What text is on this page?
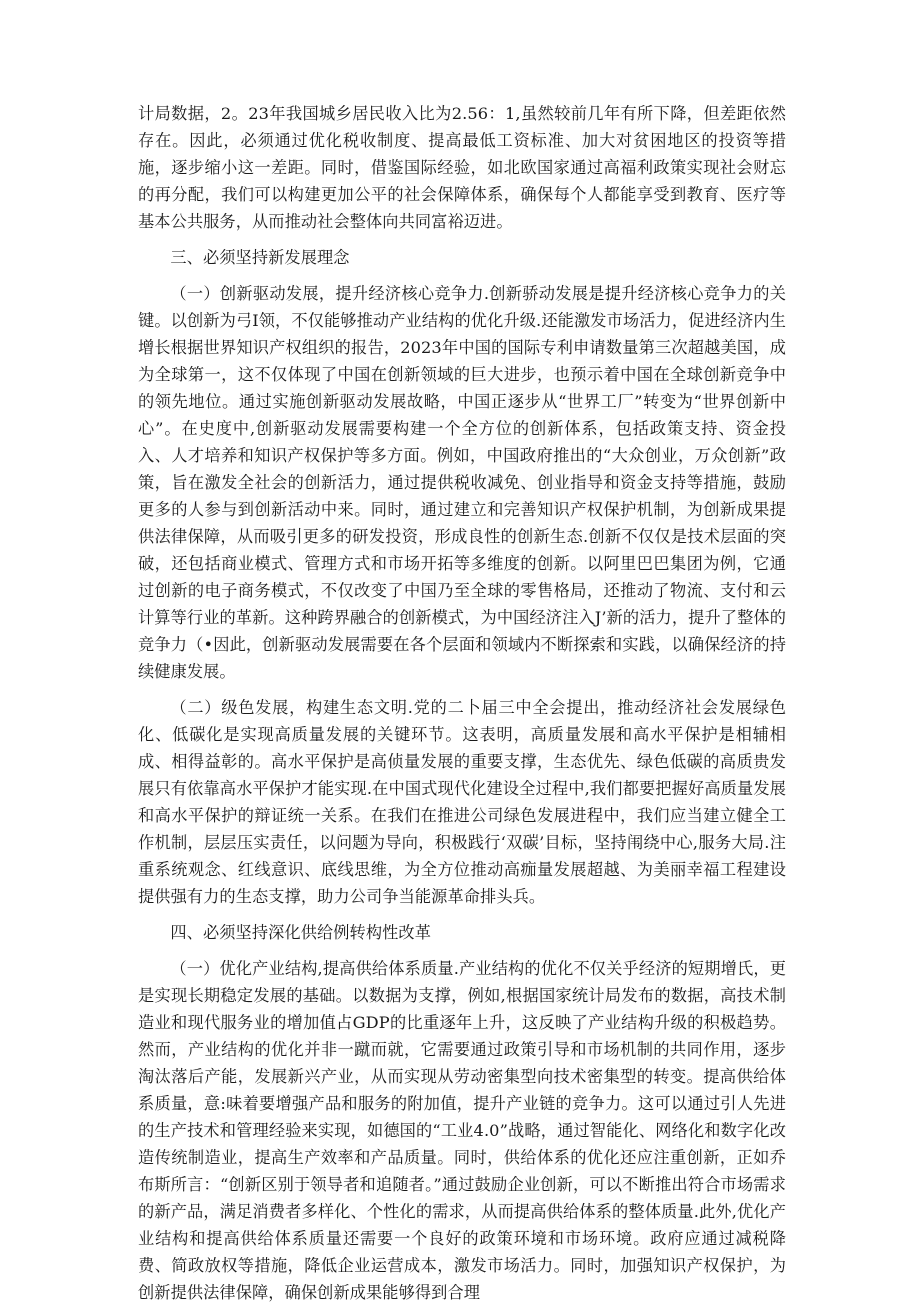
计局数据，2。23年我国城乡居民收入比为2.56：1,虽然较前几年有所下降，但差距依然存在。因此，必须通过优化税收制度、提高最低工资标准、加大对贫困地区的投资等措施，逐步缩小这一差距。同时，借鉴国际经验，如北欧国家通过高福利政策实现社会财忘的再分配，我们可以构建更加公平的社会保障体系，确保每个人都能享受到教育、医疗等基本公共服务，从而推动社会整体向共同富裕迈进。

三、必须坚持新发展理念

（一）创新驱动发展，提升经济核心竞争力.创新骄动发展是提升经济核心竞争力的关键。以创新为弓I领，不仅能够推动产业结构的优化升级.还能激发市场活力，促进经济内生增长根据世界知识产权组织的报告，2023年中国的国际专利申请数量第三次超越美国，成为全球第一，这不仅体现了中国在创新领域的巨大进步，也预示着中国在全球创新竞争中的领先地位。通过实施创新驱动发展故略，中国正逐步从“世界工厂”转变为“世界创新中心”。在史度中,创新驱动发展需要构建一个全方位的创新体系，包括政策支持、资金投入、人才培养和知识产权保护等多方面。例如，中国政府推出的“大众创业，万众创新”政策，旨在激发全社会的创新活力，通过提供税收减免、创业指导和资金支持等措施，鼓励更多的人参与到创新活动中来。同时，通过建立和完善知识产权保护机制，为创新成果提供法律保障，从而吸引更多的研发投资，形成良性的创新生态.创新不仅仅是技术层面的突破，还包括商业模式、管理方式和市场开拓等多维度的创新。以阿里巴巴集团为例，它通过创新的电子商务模式，不仅改变了中国乃至全球的零售格局，还推动了物流、支付和云计算等行业的革新。这种跨界融合的创新模式，为中国经济注入J’新的活力，提升了整体的竞争力（•因此，创新驱动发展需要在各个层面和领域内不断探索和实践，以确保经济的持续健康发展。

（二）级色发展，构建生态文明.党的二卜届三中全会提出，推动经济社会发展绿色化、低碳化是实现高质量发展的关键环节。这表明，高质量发展和高水平保护是相辅相成、相得益彰的。高水平保护是高侦量发展的重要支撑，生态优先、绿色低碳的高质贵发展只有依靠高水平保护才能实现.在中国式现代化建设全过程中,我们都要把握好高质量发展和高水平保护的辩证统一关系。在我们在推进公司绿色发展进程中，我们应当建立健全工作机制，层层压实责任，以问题为导向，积极践行‘双碳’目标，坚持闱绕中心,服务大局.注重系统观念、红线意识、底线思维，为全方位推动高痂量发展超越、为美丽幸福工程建设提供强有力的生态支撑，助力公司争当能源革命排头兵。

四、必须坚持深化供给例转构性改革

（一）优化产业结构,提高供给体系质量.产业结构的优化不仅关乎经济的短期增氏，更是实现长期稳定发展的基础。以数据为支撑，例如,根据国家统计局发布的数据，高技术制造业和现代服务业的增加值占GDP的比重逐年上升，这反映了产业结构升级的积极趋势。然而，产业结构的优化并非一蹴而就，它需要通过政策引导和市场机制的共同作用，逐步淘汰落后产能，发展新兴产业，从而实现从劳动密集型向技术密集型的转变。提高供给体系质量，意:味着要增强产品和服务的附加值，提升产业链的竞争力。这可以通过引人先进的生产技术和管理经验来实现，如德国的“工业4.0”战略，通过智能化、网络化和数字化改造传统制造业，提高生产效率和产品质量。同时，供给体系的优化还应注重创新，正如乔布斯所言：“创新区别于领导者和追随者。”通过鼓励企业创新，可以不断推出符合市场需求的新产品，满足消费者多样化、个性化的需求，从而提高供给体系的整体质量.此外,优化产业结构和提高供给体系质量还需要一个良好的政策环境和市场环境。政府应通过减税降费、简政放权等措施，降低企业运营成本，激发市场活力。同时，加强知识产权保护，为创新提供法律保障，确保创新成果能够得到合理
